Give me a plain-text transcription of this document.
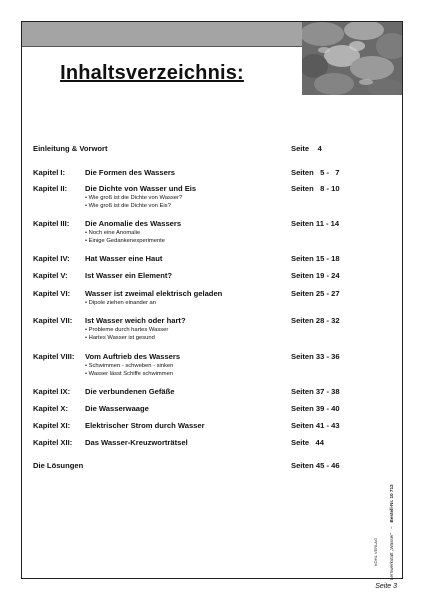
Inhaltsverzeichnis:
Lernwerkstatt „Wasser“   –   Bestell-Nr. 10 713
KOHL VERLAG
Einleitung & Vorwort	Seite    4
Kapitel I:	Die Formen des Wassers	Seiten   5 -   7
Kapitel II: Die Dichte von Wasser und Eis	Seiten   8 - 10
• Wie groß ist die Dichte von Wasser?
• Wie groß ist die Dichte von Eis?
Kapitel III: Die Anomalie des Wassers	Seiten 11 - 14
• Noch eine Anomalie
• Einige Gedankenexperimente
Kapitel IV: Hat Wasser eine Haut	Seiten 15 - 18
Kapitel V: Ist Wasser ein Element?	Seiten 19 - 24
Kapitel VI: Wasser ist zweimal elektrisch geladen	Seiten 25 - 27
• Dipole ziehen einander an
Kapitel VII: Ist Wasser weich oder hart?	Seiten 28 - 32
• Probleme durch hartes Wasser
• Hartes Wasser ist gesund
Kapitel VIII: Vom Auftrieb des Wassers	Seiten 33 - 36
• Schwimmen - schweben - sinken
• Wasser lässt Schiffe schwimmen
Kapitel IX: Die verbundenen Gefäße	Seiten 37 - 38
Kapitel X: Die Wasserwaage	Seiten 39 - 40
Kapitel XI: Elektrischer Strom durch Wasser	Seiten 41 - 43
Kapitel XII: Das Wasser-Kreuzworträtsel	Seite   44
Die Lösungen	Seiten 45 - 46
Seite 3
